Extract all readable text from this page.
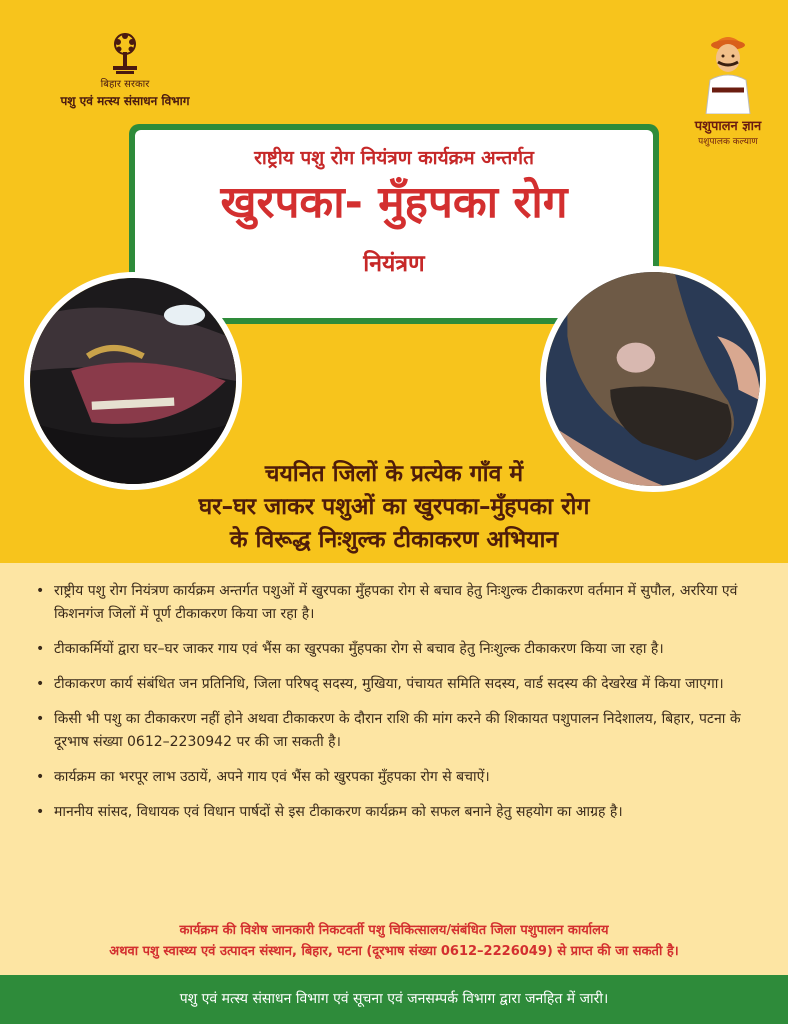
बिहार सरकार
पशु एवं मत्स्य संसाधन विभाग
पशुपालन ज्ञान
पशुपालक कल्याण
राष्ट्रीय पशु रोग नियंत्रण कार्यक्रम अन्तर्गत
खुरपका- मुँहपका रोग
नियंत्रण
चयनित जिलों के प्रत्येक गाँव में
घर–घर जाकर पशुओं का खुरपका–मुँहपका रोग
के विरूद्ध निःशुल्क टीकाकरण अभियान
• राष्ट्रीय पशु रोग नियंत्रण कार्यक्रम अन्तर्गत पशुओं में खुरपका मुँहपका रोग से बचाव हेतु निःशुल्क टीकाकरण वर्तमान में सुपौल, अररिया एवं किशनगंज जिलों में पूर्ण टीकाकरण किया जा रहा है।
• टीकाकर्मियों द्वारा घर–घर जाकर गाय एवं भैंस का खुरपका मुँहपका रोग से बचाव हेतु निःशुल्क टीकाकरण किया जा रहा है।
• टीकाकरण कार्य संबंधित जन प्रतिनिधि, जिला परिषद् सदस्य, मुखिया, पंचायत समिति सदस्य, वार्ड सदस्य की देखरेख में किया जाएगा।
• किसी भी पशु का टीकाकरण नहीं होने अथवा टीकाकरण के दौरान राशि की मांग करने की शिकायत पशुपालन निदेशालय, बिहार, पटना के दूरभाष संख्या 0612–2230942 पर की जा सकती है।
• कार्यक्रम का भरपूर लाभ उठायें, अपने गाय एवं भैंस को खुरपका मुँहपका रोग से बचाऐं।
• माननीय सांसद, विधायक एवं विधान पार्षदों से इस टीकाकरण कार्यक्रम को सफल बनाने हेतु सहयोग का आग्रह है।
कार्यक्रम की विशेष जानकारी निकटवर्ती पशु चिकित्सालय/संबंधित जिला पशुपालन कार्यालय
अथवा पशु स्वास्थ्य एवं उत्पादन संस्थान, बिहार, पटना (दूरभाष संख्या 0612–2226049) से प्राप्त की जा सकती है।
पशु एवं मत्स्य संसाधन विभाग एवं सूचना एवं जनसम्पर्क विभाग द्वारा जनहित में जारी।
